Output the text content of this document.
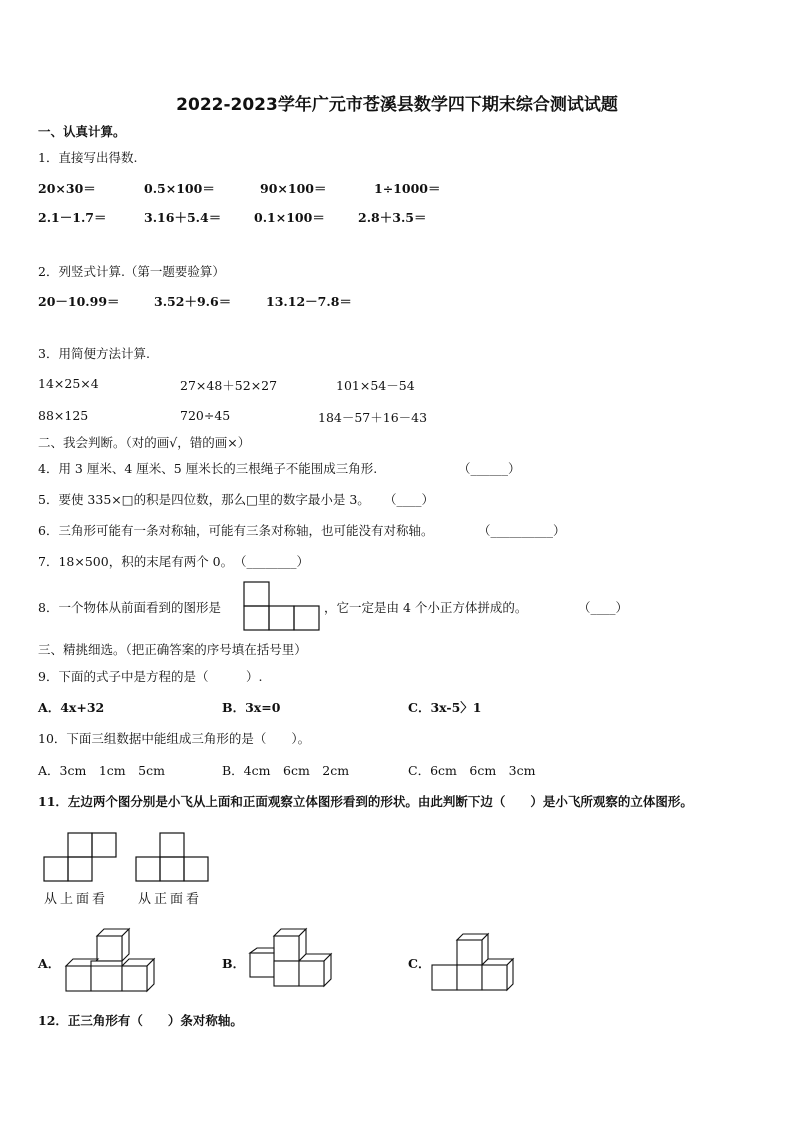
2022-2023学年广元市苍溪县数学四下期末综合测试试题
一、认真计算。
1．直接写出得数.
20×30＝	0.5×100＝	90×100＝	1÷1000＝
2.1－1.7＝	3.16＋5.4＝	0.1×100＝	2.8＋3.5＝
2．列竖式计算.（第一题要验算）
20－10.99＝	3.52＋9.6＝	13.12－7.8＝
3．用简便方法计算.
14×25×4	27×48＋52×27	101×54－54
88×125	720÷45	184－57＋16－43
二、我会判断。（对的画√，错的画×）
4．用 3 厘米、4 厘米、5 厘米长的三根绳子不能围成三角形.	（______）
5．要使 335×□的积是四位数，那么□里的数字最小是 3。 （____）
6．三角形可能有一条对称轴，可能有三条对称轴，也可能没有对称轴。	（__________）
7．18×500，积的末尾有两个 0。 （________）
8．一个物体从前面看到的图形是	，它一定是由 4 个小正方体拼成的。	（____）
三、精挑细选。（把正确答案的序号填在括号里）
9．下面的式子中是方程的是（　　　）.
A．4x+32	B．3x=0	C．3x-5〉1
10．下面三组数据中能组成三角形的是（　　）。
A．3cm　1cm　5cm	B．4cm　6cm　2cm	C．6cm　6cm　3cm
11．左边两个图分别是小飞从上面和正面观察立体图形看到的形状。由此判断下边（　　）是小飞所观察的立体图形。
从上面看 从正面看
A．	B．	C．
12．正三角形有（　　）条对称轴。
